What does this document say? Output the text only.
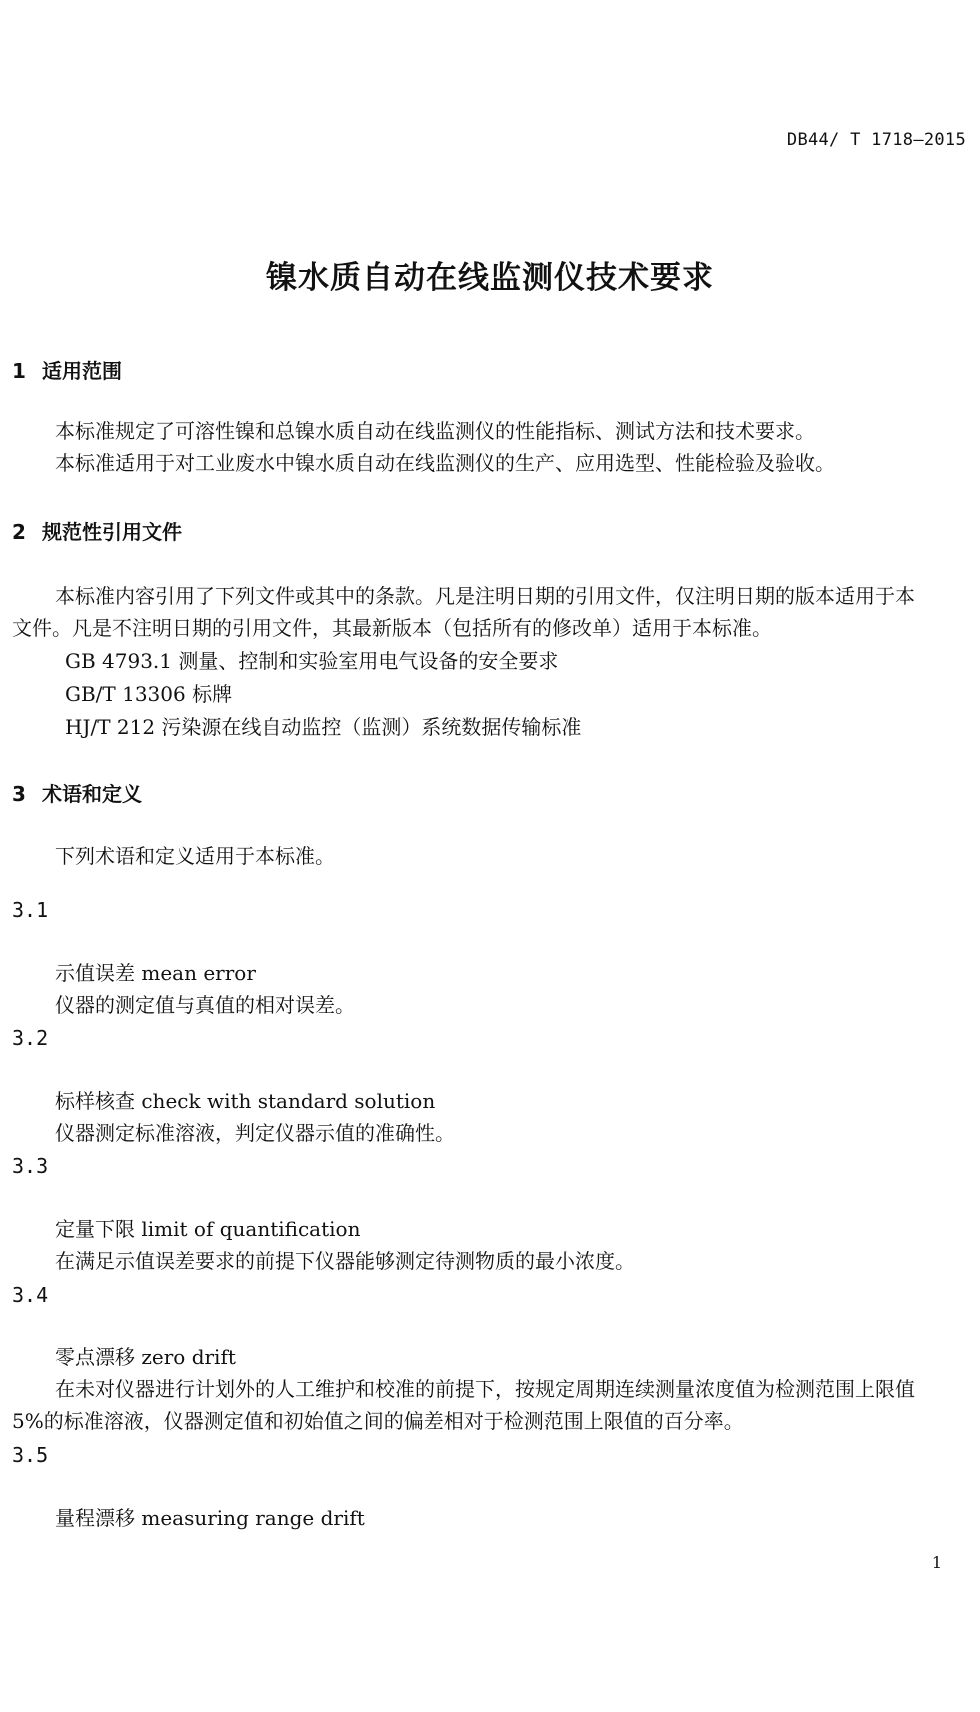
DB44/ T 1718—2015
镍水质自动在线监测仪技术要求
1 适用范围
本标准规定了可溶性镍和总镍水质自动在线监测仪的性能指标、测试方法和技术要求。
本标准适用于对工业废水中镍水质自动在线监测仪的生产、应用选型、性能检验及验收。
2 规范性引用文件
本标准内容引用了下列文件或其中的条款。凡是注明日期的引用文件，仅注明日期的版本适用于本
文件。凡是不注明日期的引用文件，其最新版本（包括所有的修改单）适用于本标准。
GB 4793.1 测量、控制和实验室用电气设备的安全要求
GB/T 13306 标牌
HJ/T 212 污染源在线自动监控（监测）系统数据传输标准
3 术语和定义
下列术语和定义适用于本标准。
3.1
示值误差 mean error
仪器的测定值与真值的相对误差。
3.2
标样核查 check with standard solution
仪器测定标准溶液，判定仪器示值的准确性。
3.3
定量下限 limit of quantification
在满足示值误差要求的前提下仪器能够测定待测物质的最小浓度。
3.4
零点漂移 zero drift
在未对仪器进行计划外的人工维护和校准的前提下，按规定周期连续测量浓度值为检测范围上限值
5%的标准溶液，仪器测定值和初始值之间的偏差相对于检测范围上限值的百分率。
3.5
量程漂移 measuring range drift
1
